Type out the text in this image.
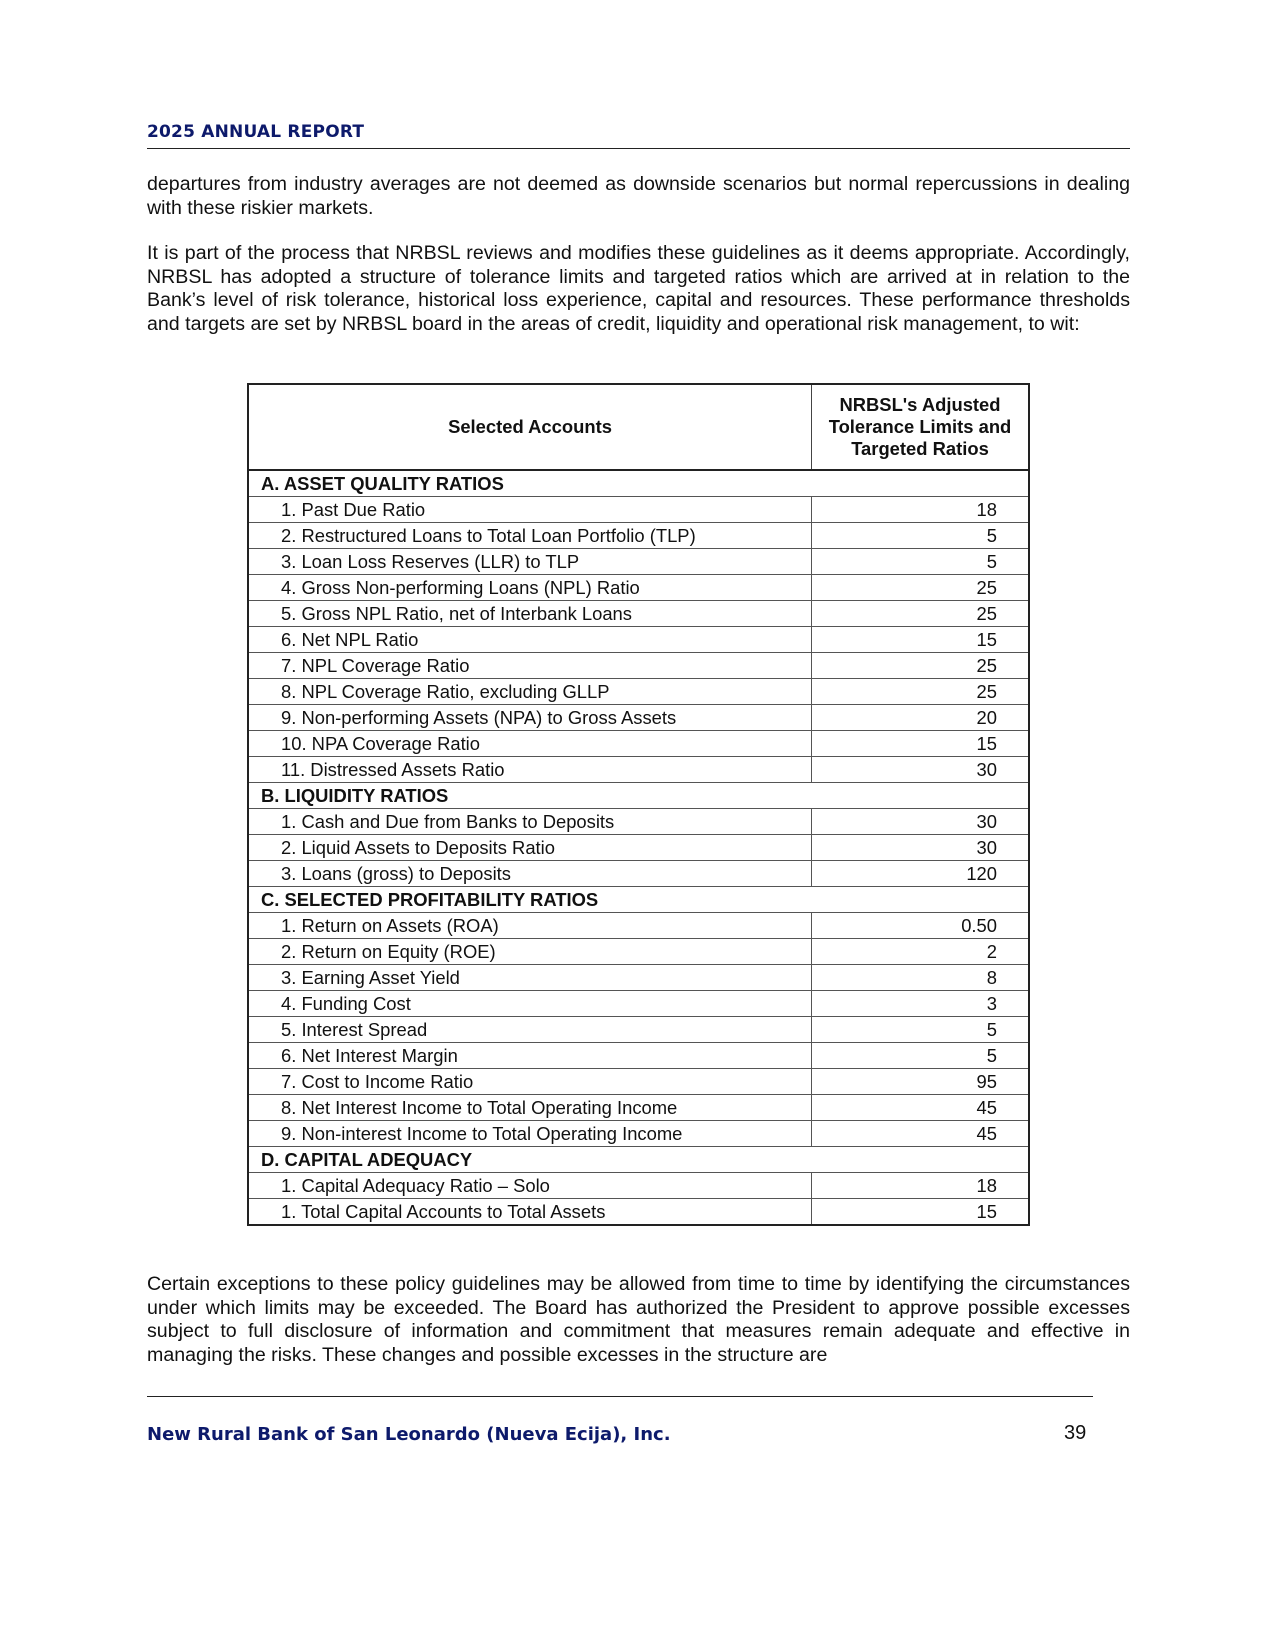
2025 ANNUAL REPORT

departures from industry averages are not deemed as downside scenarios but normal repercussions in dealing with these riskier markets.

It is part of the process that NRBSL reviews and modifies these guidelines as it deems appropriate. Accordingly, NRBSL has adopted a structure of tolerance limits and targeted ratios which are arrived at in relation to the Bank’s level of risk tolerance, historical loss experience, capital and resources. These performance thresholds and targets are set by NRBSL board in the areas of credit, liquidity and operational risk management, to wit:

Selected Accounts	NRBSL's Adjusted Tolerance Limits and Targeted Ratios
A. ASSET QUALITY RATIOS	
1. Past Due Ratio	18
2. Restructured Loans to Total Loan Portfolio (TLP)	5
3. Loan Loss Reserves (LLR) to TLP	5
4. Gross Non-performing Loans (NPL) Ratio	25
5. Gross NPL Ratio, net of Interbank Loans	25
6. Net NPL Ratio	15
7. NPL Coverage Ratio	25
8. NPL Coverage Ratio, excluding GLLP	25
9. Non-performing Assets (NPA) to Gross Assets	20
10. NPA Coverage Ratio	15
11. Distressed Assets Ratio	30
B. LIQUIDITY RATIOS	
1. Cash and Due from Banks to Deposits	30
2. Liquid Assets to Deposits Ratio	30
3. Loans (gross) to Deposits	120
C. SELECTED PROFITABILITY RATIOS	
1. Return on Assets (ROA)	0.50
2. Return on Equity (ROE)	2
3. Earning Asset Yield	8
4. Funding Cost	3
5. Interest Spread	5
6. Net Interest Margin	5
7. Cost to Income Ratio	95
8. Net Interest Income to Total Operating Income	45
9. Non-interest Income to Total Operating Income	45
D. CAPITAL ADEQUACY	
1. Capital Adequacy Ratio – Solo	18
1. Total Capital Accounts to Total Assets	15

Certain exceptions to these policy guidelines may be allowed from time to time by identifying the circumstances under which limits may be exceeded. The Board has authorized the President to approve possible excesses subject to full disclosure of information and commitment that measures remain adequate and effective in managing the risks. These changes and possible excesses in the structure are

New Rural Bank of San Leonardo (Nueva Ecija), Inc.	39
